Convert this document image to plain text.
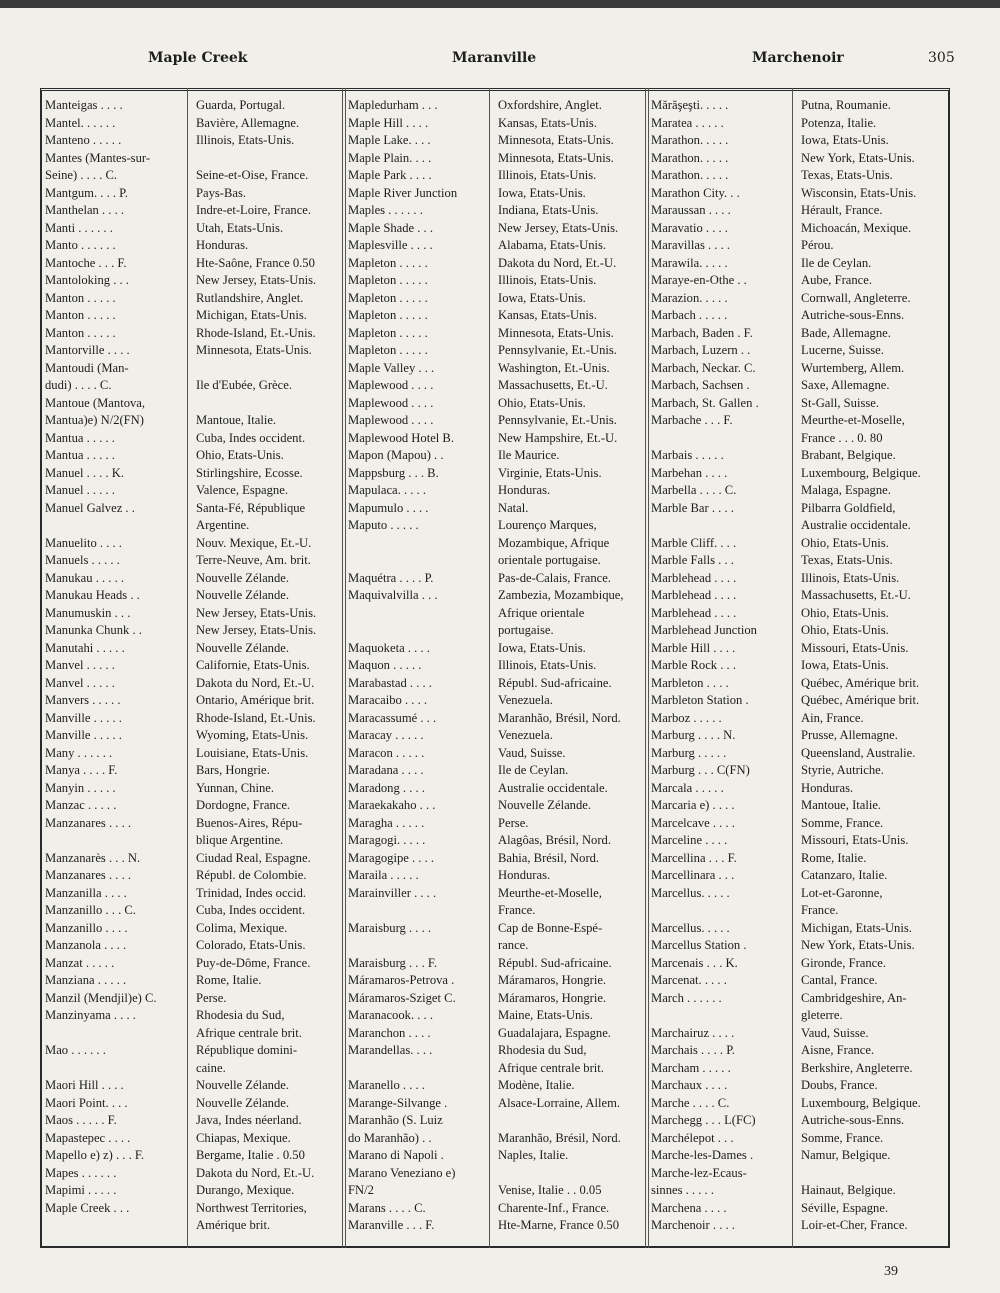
Maple Creek	Maranville	Marchenoir	305
Manteigas . . . .	Guarda, Portugal.
Mantel. . . . . .	Bavière, Allemagne.
Manteno . . . . .	Illinois, Etats-Unis.
Mantes (Mantes-sur-
Seine) . . . . C.	Seine-et-Oise, France.
Mantgum. . . . P.	Pays-Bas.
Manthelan . . . .	Indre-et-Loire, France.
Manti . . . . . .	Utah, Etats-Unis.
Manto . . . . . .	Honduras.
Mantoche . . . F.	Hte-Saône, France 0.50
Mantoloking . . .	New Jersey, Etats-Unis.
Manton . . . . .	Rutlandshire, Anglet.
Manton . . . . .	Michigan, Etats-Unis.
Manton . . . . .	Rhode-Island, Et.-Unis.
Mantorville . . . .	Minnesota, Etats-Unis.
Mantoudi (Man-
dudi) . . . . C.	Ile d'Eubée, Grèce.
Mantoue (Mantova,
Mantua)e) N/2(FN)	Mantoue, Italie.
Mantua . . . . .	Cuba, Indes occident.
Mantua . . . . .	Ohio, Etats-Unis.
Manuel . . . . K.	Stirlingshire, Ecosse.
Manuel . . . . .	Valence, Espagne.
Manuel Galvez . .	Santa-Fé, République
Argentine.
Manuelito . . . .	Nouv. Mexique, Et.-U.
Manuels . . . . .	Terre-Neuve, Am. brit.
Manukau . . . . .	Nouvelle Zélande.
Manukau Heads . .	Nouvelle Zélande.
Manumuskin . . .	New Jersey, Etats-Unis.
Manunka Chunk . .	New Jersey, Etats-Unis.
Manutahi . . . . .	Nouvelle Zélande.
Manvel . . . . .	Californie, Etats-Unis.
Manvel . . . . .	Dakota du Nord, Et.-U.
Manvers . . . . .	Ontario, Amérique brit.
Manville . . . . .	Rhode-Island, Et.-Unis.
Manville . . . . .	Wyoming, Etats-Unis.
Many . . . . . .	Louisiane, Etats-Unis.
Manya . . . . F.	Bars, Hongrie.
Manyin . . . . .	Yunnan, Chine.
Manzac . . . . .	Dordogne, France.
Manzanares . . . .	Buenos-Aires, Répu-
blique Argentine.
Manzanarès . . . N.	Ciudad Real, Espagne.
Manzanares . . . .	Républ. de Colombie.
Manzanilla . . . .	Trinidad, Indes occid.
Manzanillo . . . C.	Cuba, Indes occident.
Manzanillo . . . .	Colima, Mexique.
Manzanola . . . .	Colorado, Etats-Unis.
Manzat . . . . .	Puy-de-Dôme, France.
Manziana . . . . .	Rome, Italie.
Manzil (Mendjil)e) C.	Perse.
Manzinyama . . . .	Rhodesia du Sud,
Afrique centrale brit.
Mao . . . . . .	République domini-
caine.
Maori Hill . . . .	Nouvelle Zélande.
Maori Point. . . .	Nouvelle Zélande.
Maos . . . . . F.	Java, Indes néerland.
Mapastepec . . . .	Chiapas, Mexique.
Mapello e) z) . . . F.	Bergame, Italie . 0.50
Mapes . . . . . .	Dakota du Nord, Et.-U.
Mapimi . . . . .	Durango, Mexique.
Maple Creek . . .	Northwest Territories,
Amérique brit.
Mapledurham . . .	Oxfordshire, Anglet.
Maple Hill . . . .	Kansas, Etats-Unis.
Maple Lake. . . .	Minnesota, Etats-Unis.
Maple Plain. . . .	Minnesota, Etats-Unis.
Maple Park . . . .	Illinois, Etats-Unis.
Maple River Junction	Iowa, Etats-Unis.
Maples . . . . . .	Indiana, Etats-Unis.
Maple Shade . . .	New Jersey, Etats-Unis.
Maplesville . . . .	Alabama, Etats-Unis.
Mapleton . . . . .	Dakota du Nord, Et.-U.
Mapleton . . . . .	Illinois, Etats-Unis.
Mapleton . . . . .	Iowa, Etats-Unis.
Mapleton . . . . .	Kansas, Etats-Unis.
Mapleton . . . . .	Minnesota, Etats-Unis.
Mapleton . . . . .	Pennsylvanie, Et.-Unis.
Maple Valley . . .	Washington, Et.-Unis.
Maplewood . . . .	Massachusetts, Et.-U.
Maplewood . . . .	Ohio, Etats-Unis.
Maplewood . . . .	Pennsylvanie, Et.-Unis.
Maplewood Hotel B.	New Hampshire, Et.-U.
Mapon (Mapou) . .	Ile Maurice.
Mappsburg . . . B.	Virginie, Etats-Unis.
Mapulaca. . . . .	Honduras.
Mapumulo . . . .	Natal.
Maputo . . . . .	Lourenço Marques,
Mozambique, Afrique
orientale portugaise.
Maquétra . . . . P.	Pas-de-Calais, France.
Maquivalvilla . . .	Zambezia, Mozambique,
Afrique orientale
portugaise.
Maquoketa . . . .	Iowa, Etats-Unis.
Maquon . . . . .	Illinois, Etats-Unis.
Marabastad . . . .	Républ. Sud-africaine.
Maracaibo . . . .	Venezuela.
Maracassumé . . .	Maranhão, Brésil, Nord.
Maracay . . . . .	Venezuela.
Maracon . . . . .	Vaud, Suisse.
Maradana . . . .	Ile de Ceylan.
Maradong . . . .	Australie occidentale.
Maraekakaho . . .	Nouvelle Zélande.
Maragha . . . . .	Perse.
Maragogi. . . . .	Alagôas, Brésil, Nord.
Maragogipe . . . .	Bahia, Brésil, Nord.
Maraila . . . . .	Honduras.
Marainviller . . . .	Meurthe-et-Moselle,
France.
Maraisburg . . . .	Cap de Bonne-Espé-
rance.
Maraisburg . . . F.	Républ. Sud-africaine.
Máramaros-Petrova .	Máramaros, Hongrie.
Máramaros-Sziget C.	Máramaros, Hongrie.
Maranacook. . . .	Maine, Etats-Unis.
Maranchon . . . .	Guadalajara, Espagne.
Marandellas. . . .	Rhodesia du Sud,
Afrique centrale brit.
Maranello . . . .	Modène, Italie.
Marange-Silvange .	Alsace-Lorraine, Allem.
Maranhão (S. Luiz
do Maranhão) . .	Maranhão, Brésil, Nord.
Marano di Napoli .	Naples, Italie.
Marano Veneziano e)
FN/2	Venise, Italie . . 0.05
Marans . . . . C.	Charente-Inf., France.
Maranville . . . F.	Hte-Marne, France 0.50
Mărăşeşti. . . . .	Putna, Roumanie.
Maratea . . . . .	Potenza, Italie.
Marathon. . . . .	Iowa, Etats-Unis.
Marathon. . . . .	New York, Etats-Unis.
Marathon. . . . .	Texas, Etats-Unis.
Marathon City. . .	Wisconsin, Etats-Unis.
Maraussan . . . .	Hérault, France.
Maravatio . . . .	Michoacán, Mexique.
Maravillas . . . .	Pérou.
Marawila. . . . .	Ile de Ceylan.
Maraye-en-Othe . .	Aube, France.
Marazion. . . . .	Cornwall, Angleterre.
Marbach . . . . .	Autriche-sous-Enns.
Marbach, Baden . F.	Bade, Allemagne.
Marbach, Luzern . .	Lucerne, Suisse.
Marbach, Neckar. C.	Wurtemberg, Allem.
Marbach, Sachsen .	Saxe, Allemagne.
Marbach, St. Gallen .	St-Gall, Suisse.
Marbache . . . F.	Meurthe-et-Moselle,
France . . . 0. 80
Marbais . . . . .	Brabant, Belgique.
Marbehan . . . .	Luxembourg, Belgique.
Marbella . . . . C.	Malaga, Espagne.
Marble Bar . . . .	Pilbarra Goldfield,
Australie occidentale.
Marble Cliff. . . .	Ohio, Etats-Unis.
Marble Falls . . .	Texas, Etats-Unis.
Marblehead . . . .	Illinois, Etats-Unis.
Marblehead . . . .	Massachusetts, Et.-U.
Marblehead . . . .	Ohio, Etats-Unis.
Marblehead Junction	Ohio, Etats-Unis.
Marble Hill . . . .	Missouri, Etats-Unis.
Marble Rock . . .	Iowa, Etats-Unis.
Marbleton . . . .	Québec, Amérique brit.
Marbleton Station .	Québec, Amérique brit.
Marboz . . . . .	Ain, France.
Marburg . . . . N.	Prusse, Allemagne.
Marburg . . . . .	Queensland, Australie.
Marburg . . . C(FN)	Styrie, Autriche.
Marcala . . . . .	Honduras.
Marcaria e) . . . .	Mantoue, Italie.
Marcelcave . . . .	Somme, France.
Marceline . . . .	Missouri, Etats-Unis.
Marcellina . . . F.	Rome, Italie.
Marcellinara . . .	Catanzaro, Italie.
Marcellus. . . . .	Lot-et-Garonne,
France.
Marcellus. . . . .	Michigan, Etats-Unis.
Marcellus Station .	New York, Etats-Unis.
Marcenais . . . K.	Gironde, France.
Marcenat. . . . .	Cantal, France.
March . . . . . .	Cambridgeshire, An-
gleterre.
Marchairuz . . . .	Vaud, Suisse.
Marchais . . . . P.	Aisne, France.
Marcham . . . . .	Berkshire, Angleterre.
Marchaux . . . .	Doubs, France.
Marche . . . . C.	Luxembourg, Belgique.
Marchegg . . . L(FC)	Autriche-sous-Enns.
Marchélepot . . .	Somme, France.
Marche-les-Dames .	Namur, Belgique.
Marche-lez-Ecaus-
sinnes . . . . .	Hainaut, Belgique.
Marchena . . . .	Séville, Espagne.
Marchenoir . . . .	Loir-et-Cher, France.
39
